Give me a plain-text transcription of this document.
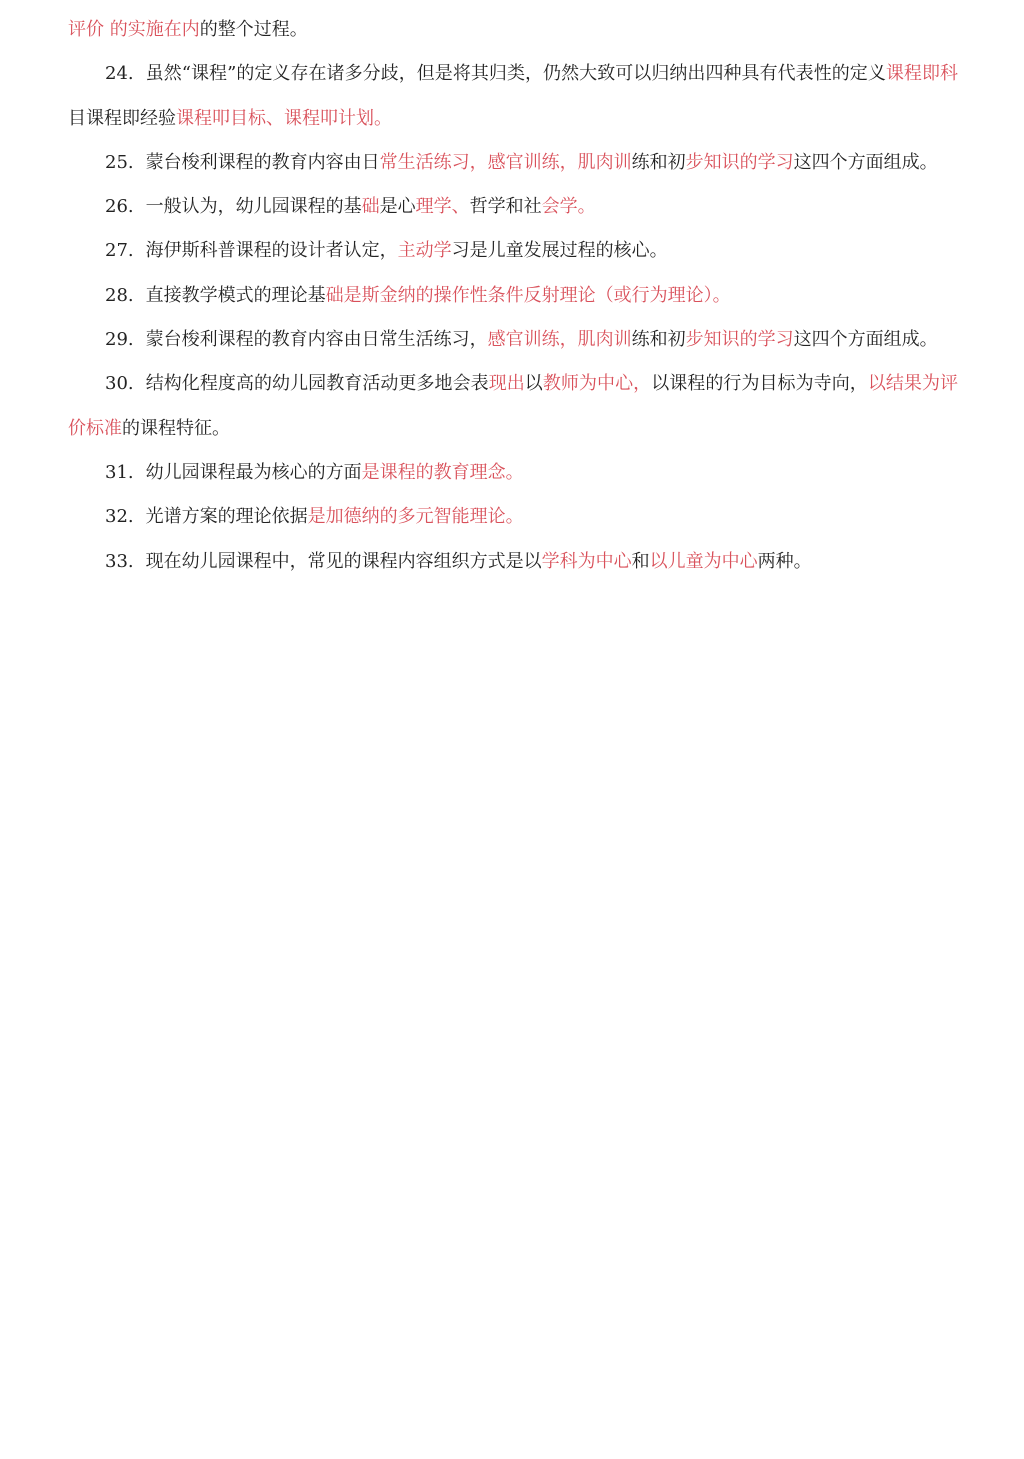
评价 的实施在内的整个过程。

24. 虽然“课程”的定义存在诸多分歧，但是将其归类，仍然大致可以归纳出四种具有代表性的定义课程即科目课程即经验课程叩目标、课程叩计划。

25. 蒙台梭利课程的教育内容由日常生活练习，感官训练，肌肉训练和初步知识的学习这四个方面组成。

26. 一般认为，幼儿园课程的基础是心理学、哲学和社会学。

27. 海伊斯科普课程的设计者认定，主动学习是儿童发展过程的核心。

28. 直接教学模式的理论基础是斯金纳的操作性条件反射理论（或行为理论）。

29. 蒙台梭利课程的教育内容由日常生活练习，感官训练，肌肉训练和初步知识的学习这四个方面组成。

30. 结构化程度高的幼儿园教育活动更多地会表现出以教师为中心，以课程的行为目标为寺向，以结果为评价标准的课程特征。

31. 幼儿园课程最为核心的方面是课程的教育理念。

32. 光谱方案的理论依据是加德纳的多元智能理论。

33. 现在幼儿园课程中，常见的课程内容组织方式是以学科为中心和以儿童为中心两种。
